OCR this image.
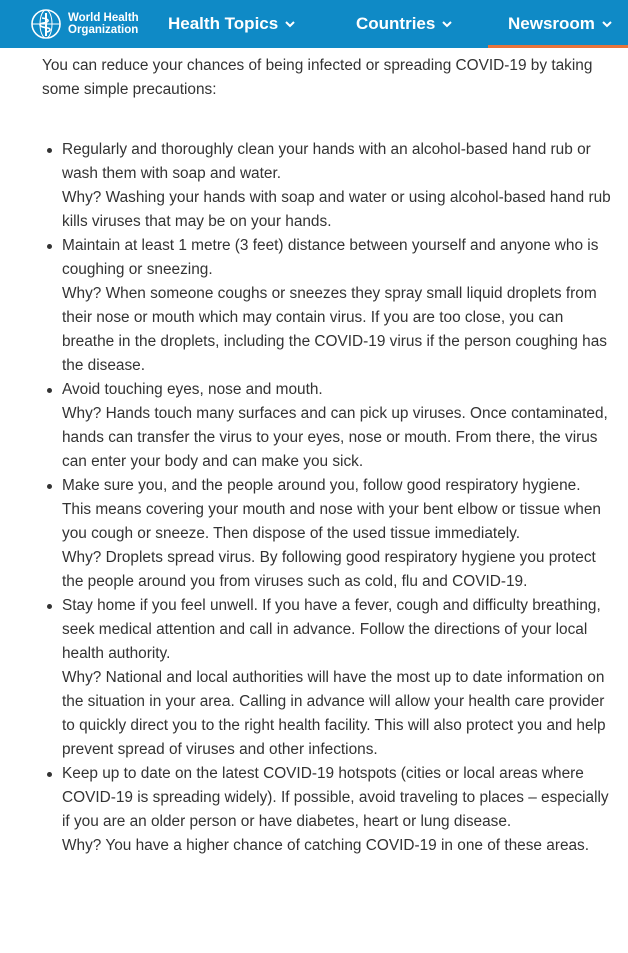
World Health
Organization Health Topics	Countries	Newsroom

You can reduce your chances of being infected or spreading COVID-19 by taking some simple precautions:

Regularly and thoroughly clean your hands with an alcohol-based hand rub or wash them with soap and water.

Why? Washing your hands with soap and water or using alcohol-based hand rub kills viruses that may be on your hands.

Maintain at least 1 metre (3 feet) distance between yourself and anyone who is coughing or sneezing.

Why? When someone coughs or sneezes they spray small liquid droplets from their nose or mouth which may contain virus. If you are too close, you can breathe in the droplets, including the COVID-19 virus if the person coughing has the disease.

Avoid touching eyes, nose and mouth.

Why? Hands touch many surfaces and can pick up viruses. Once contaminated, hands can transfer the virus to your eyes, nose or mouth. From there, the virus can enter your body and can make you sick.

Make sure you, and the people around you, follow good respiratory hygiene. This means covering your mouth and nose with your bent elbow or tissue when you cough or sneeze. Then dispose of the used tissue immediately.

Why? Droplets spread virus. By following good respiratory hygiene you protect the people around you from viruses such as cold, flu and COVID-19.

Stay home if you feel unwell. If you have a fever, cough and difficulty breathing, seek medical attention and call in advance. Follow the directions of your local health authority.

Why? National and local authorities will have the most up to date information on the situation in your area. Calling in advance will allow your health care provider to quickly direct you to the right health facility. This will also protect you and help prevent spread of viruses and other infections.

Keep up to date on the latest COVID-19 hotspots (cities or local areas where COVID-19 is spreading widely). If possible, avoid traveling to places – especially if you are an older person or have diabetes, heart or lung disease.

Why? You have a higher chance of catching COVID-19 in one of these areas.
